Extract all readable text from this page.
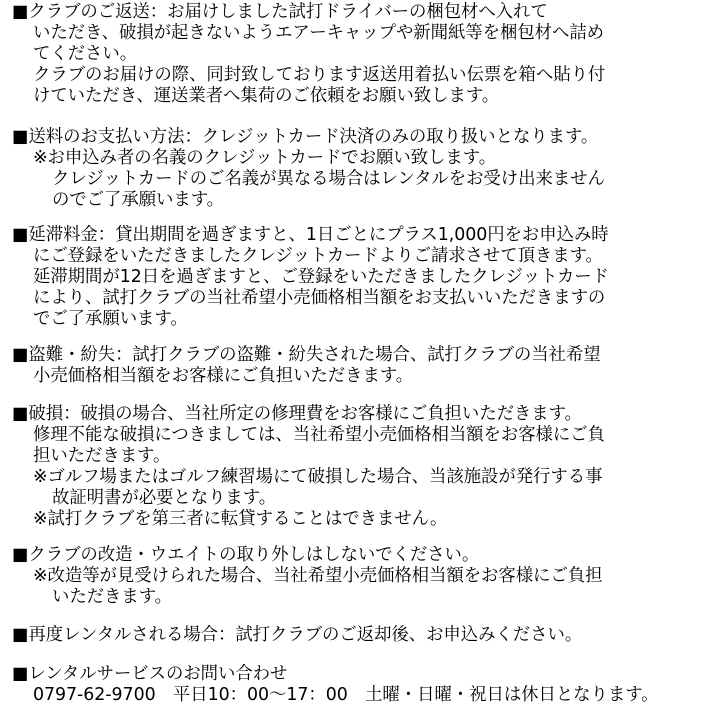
■クラブのご返送：お届けしました試打ドライバーの梱包材へ入れて
いただき、破損が起きないようエアーキャップや新聞紙等を梱包材へ詰め
てください。
クラブのお届けの際、同封致しております返送用着払い伝票を箱へ貼り付
けていただき、運送業者へ集荷のご依頼をお願い致します。
■送料のお支払い方法：クレジットカード決済のみの取り扱いとなります。
※お申込み者の名義のクレジットカードでお願い致します。
クレジットカードのご名義が異なる場合はレンタルをお受け出来ません
のでご了承願います。
■延滞料金：貸出期間を過ぎますと、1日ごとにプラス1,000円をお申込み時
にご登録をいただきましたクレジットカードよりご請求させて頂きます。
延滞期間が12日を過ぎますと、ご登録をいただきましたクレジットカード
により、試打クラブの当社希望小売価格相当額をお支払いいただきますの
でご了承願います。
■盗難・紛失：試打クラブの盗難・紛失された場合、試打クラブの当社希望
小売価格相当額をお客様にご負担いただきます。
■破損：破損の場合、当社所定の修理費をお客様にご負担いただきます。
修理不能な破損につきましては、当社希望小売価格相当額をお客様にご負
担いただきます。
※ゴルフ場またはゴルフ練習場にて破損した場合、当該施設が発行する事
故証明書が必要となります。
※試打クラブを第三者に転貸することはできません。
■クラブの改造・ウエイトの取り外しはしないでください。
※改造等が見受けられた場合、当社希望小売価格相当額をお客様にご負担
いただきます。
■再度レンタルされる場合：試打クラブのご返却後、お申込みください。
■レンタルサービスのお問い合わせ
0797-62-9700　平日10：00～17：00　土曜・日曜・祝日は休日となります。
